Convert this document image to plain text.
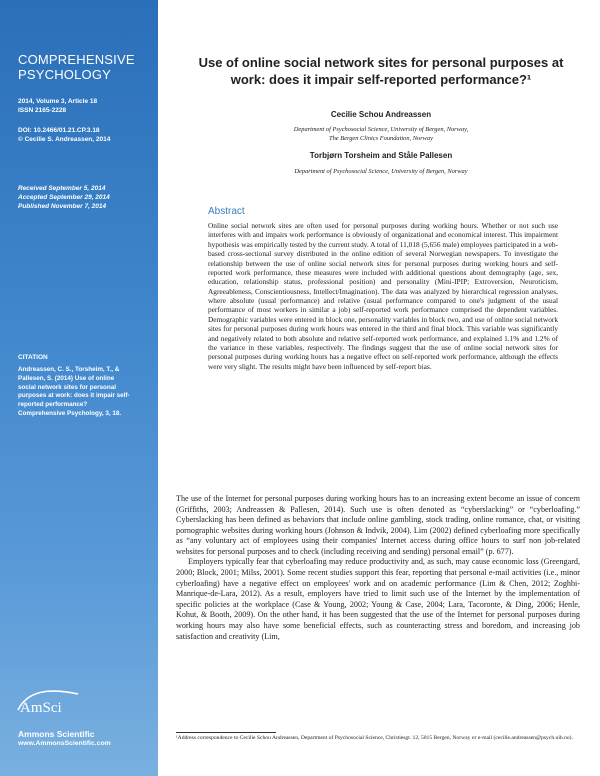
COMPREHENSIVE
PSYCHOLOGY
2014, Volume 3, Article 18
ISSN 2165-2228
DOI: 10.2466/01.21.CP.3.18
© Cecilie S. Andreassen, 2014
Received September 5, 2014
Accepted September 29, 2014
Published November 7, 2014
CITATION
Andreassen, C. S., Torsheim, T., & Pallesen, S. (2014) Use of online social network sites for personal purposes at work: does it impair self-reported performance? Comprehensive Psychology, 3, 18.
AmSci
Ammons Scientific
www.AmmonsScientific.com
Use of online social network sites for personal purposes at
work: does it impair self-reported performance?¹
Cecilie Schou Andreassen
Department of Psychosocial Science, University of Bergen, Norway,
The Bergen Clinics Foundation, Norway
Torbjørn Torsheim and Ståle Pallesen
Department of Psychosocial Science, University of Bergen, Norway
Abstract
Online social network sites are often used for personal purposes during working hours. Whether or not such use interferes with and impairs work performance is obviously of organizational and economical interest. This impairment hypothesis was empirically tested by the current study. A total of 11,018 (5,656 male) employees participated in a web-based cross-sectional survey distributed in the online edition of several Norwegian newspapers. To investigate the relationship between the use of online social network sites for personal purposes during working hours and self-reported work performance, these measures were included with additional questions about demography (age, sex, education, relationship status, professional position) and personality (Mini-IPIP; Extroversion, Neuroticism, Agreeableness, Conscientiousness, Intellect/Imagination). The data was analyzed by hierarchical regression analyses, where absolute (usual performance) and relative (usual performance compared to one's judgment of the usual performance of most workers in similar a job) self-reported work performance comprised the dependent variables. Demographic variables were entered in block one, personality variables in block two, and use of online social network sites for personal purposes during work hours was entered in the third and final block. This variable was significantly and negatively related to both absolute and relative self-reported work performance, and explained 1.1% and 1.2% of the variance in these variables, respectively. The findings suggest that the use of online social network sites for personal purposes during working hours has a negative effect on self-reported work performance, although the effects were very slight. The results might have been influenced by self-report bias.

The use of the Internet for personal purposes during working hours has to an increasing extent become an issue of concern (Griffiths, 2003; Andreassen & Pallesen, 2014). Such use is often denoted as “cyberslacking” or “cyberloafing.” Cyberslacking has been defined as behaviors that include online gambling, stock trading, online romance, chat, or visiting pornographic websites during working hours (Johnson & Indvik, 2004). Lim (2002) defined cyberloafing more specifically as “any voluntary act of employees using their companies' Internet access during office hours to surf non job-related websites for personal purposes and to check (including receiving and sending) personal email” (p. 677).

Employers typically fear that cyberloafing may reduce productivity and, as such, may cause economic loss (Greengard, 2000; Block, 2001; Milss, 2001). Some recent studies support this fear, reporting that personal e-mail activities (i.e., minor cyberloafing) have a negative effect on employees' work and on academic performance (Lim & Chen, 2012; Zoghbi-Manrique-de-Lara, 2012). As a result, employers have tried to limit such use of the Internet by the implementation of specific policies at the workplace (Case & Young, 2002; Young & Case, 2004; Lara, Tacoronte, & Ding, 2006; Henle, Kohut, & Booth, 2009). On the other hand, it has been suggested that the use of the Internet for personal purposes during working hours may also have some beneficial effects, such as counteracting stress and boredom, and increasing job satisfaction and creativity (Lim,

¹Address correspondence to Cecilie Schou Andreassen, Department of Psychosocial Science, Christiesgt. 12, 5015 Bergen, Norway or e-mail (cecilie.andreassen@psych.uib.no).
